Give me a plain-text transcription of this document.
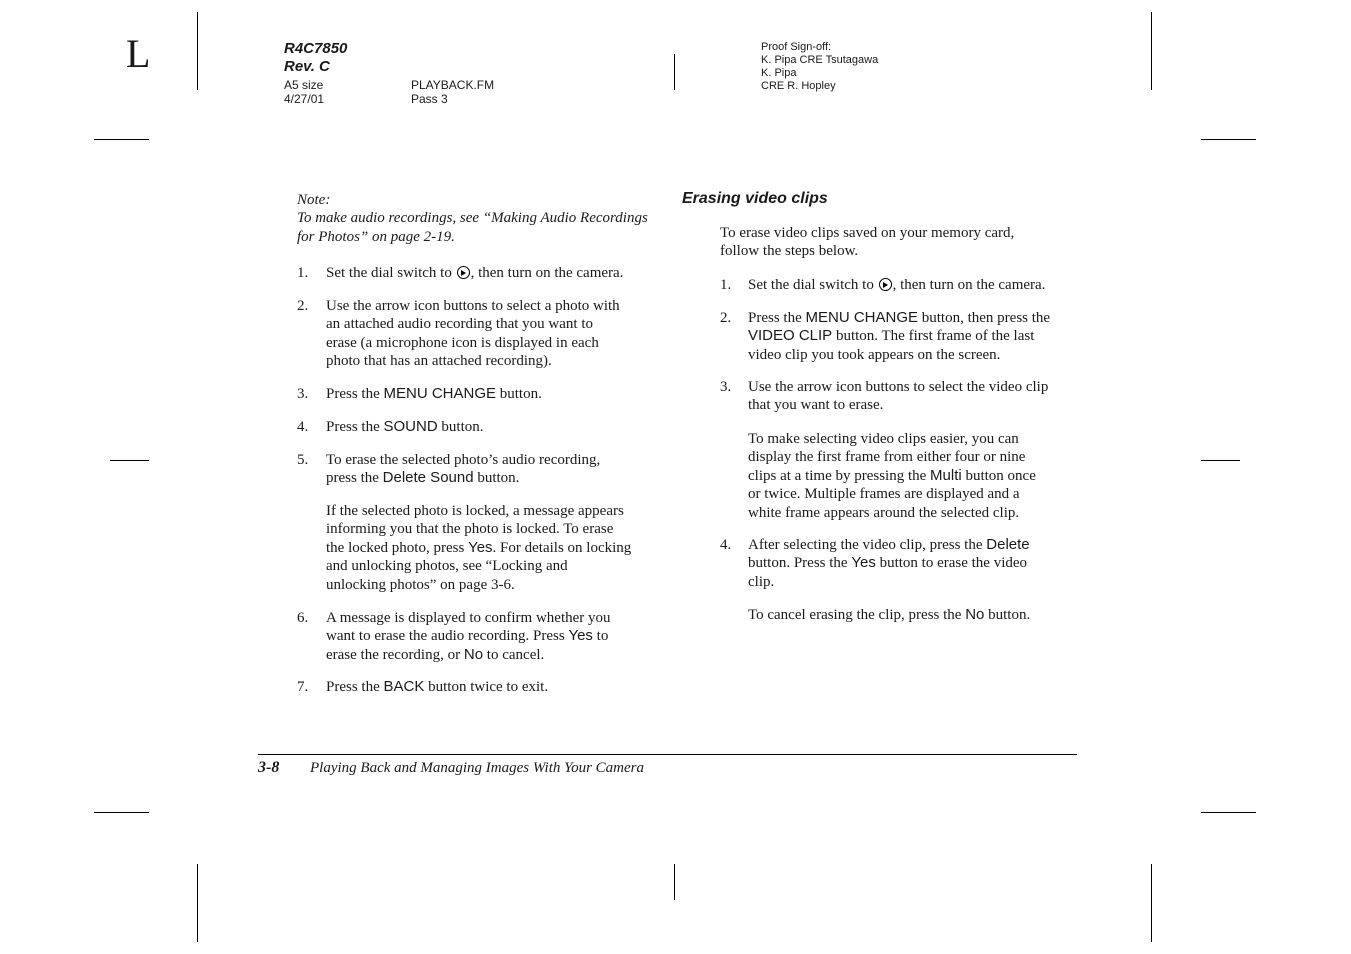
L	R4C7850
Rev. C
A5 size
4/27/01
PLAYBACK.FM
Pass 3
Proof Sign-off:
K. Pipa CRE Tsutagawa
K. Pipa
CRE R. Hopley
Note:
To make audio recordings, see “Making Audio Recordings
for Photos” on page 2-19.
1. Set the dial switch to , then turn on the camera.
2. Use the arrow icon buttons to select a photo with
an attached audio recording that you want to
erase (a microphone icon is displayed in each
photo that has an attached recording).
3. Press the MENU CHANGE button.
4. Press the SOUND button.
5. To erase the selected photo’s audio recording,
press the Delete Sound button.
If the selected photo is locked, a message appears
informing you that the photo is locked. To erase
the locked photo, press Yes. For details on locking
and unlocking photos, see “Locking and
unlocking photos” on page 3-6.
6. A message is displayed to confirm whether you
want to erase the audio recording. Press Yes to
erase the recording, or No to cancel.
7. Press the BACK button twice to exit.
Erasing video clips
To erase video clips saved on your memory card,
follow the steps below.
1. Set the dial switch to , then turn on the camera.
2. Press the MENU CHANGE button, then press the
VIDEO CLIP button. The first frame of the last
video clip you took appears on the screen.
3. Use the arrow icon buttons to select the video clip
that you want to erase.
To make selecting video clips easier, you can
display the first frame from either four or nine
clips at a time by pressing the Multi button once
or twice. Multiple frames are displayed and a
white frame appears around the selected clip.
4. After selecting the video clip, press the Delete
button. Press the Yes button to erase the video
clip.
To cancel erasing the clip, press the No button.
3-8 Playing Back and Managing Images With Your Camera
